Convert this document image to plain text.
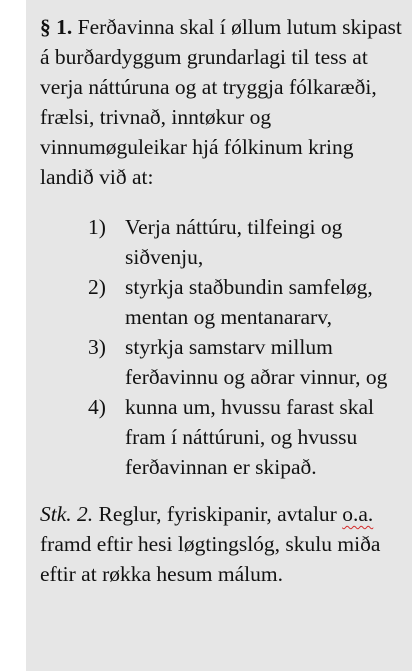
§ 1. Ferðavinna skal í øllum lutum skipast á burðardyggum grundarlagi til tess at verja náttúruna og at tryggja fólkaræði, frælsi, trivnað, inntøkur og vinnumøguleikar hjá fólkinum kring landið við at:

1) Verja náttúru, tilfeingi og siðvenju,
2) styrkja staðbundin samfeløg, mentan og mentanararv,
3) styrkja samstarv millum ferðavinnu og aðrar vinnur, og
4) kunna um, hvussu farast skal fram í náttúruni, og hvussu ferðavinnan er skipað.

Stk. 2. Reglur, fyriskipanir, avtalur o.a. framd eftir hesi løgtingslóg, skulu miða eftir at røkka hesum málum.
